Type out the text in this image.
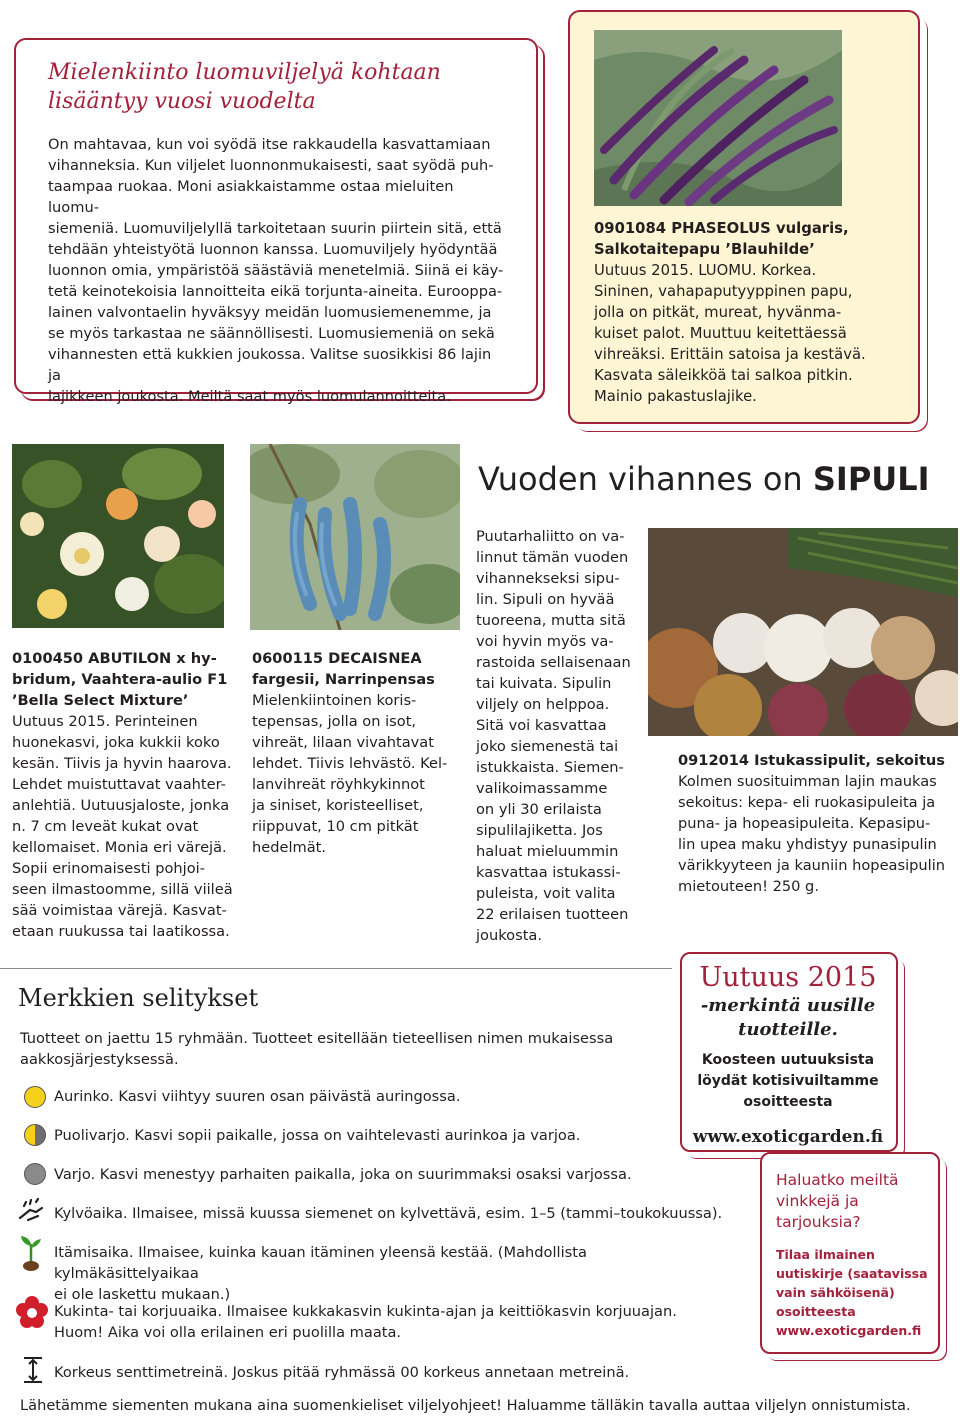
Mielenkiinto luomuviljelyä kohtaan
lisääntyy vuosi vuodelta
On mahtavaa, kun voi syödä itse rakkaudella kasvattamiaan
vihanneksia. Kun viljelet luonnonmukaisesti, saat syödä puh-
taampaa ruokaa. Moni asiakkaistamme ostaa mieluiten luomu-
siemeniä. Luomuviljelyllä tarkoitetaan suurin piirtein sitä, että
tehdään yhteistyötä luonnon kanssa. Luomuviljely hyödyntää
luonnon omia, ympäristöä säästäviä menetelmiä. Siinä ei käy-
tetä keinotekoisia lannoitteita eikä torjunta-aineita. Eurooppa-
lainen valvontaelin hyväksyy meidän luomusiemenemme, ja
se myös tarkastaa ne säännöllisesti. Luomusiemeniä on sekä
vihannesten että kukkien joukossa. Valitse suosikkisi 86 lajin ja
lajikkeen joukosta. Meiltä saat myös luomulannoitteita.
0901084 PHASEOLUS vulgaris,
Salkotaitepapu ’Blauhilde’
Uutuus 2015. LUOMU. Korkea.
Sininen, vahapaputyyppinen papu,
jolla on pitkät, mureat, hyvänma-
kuiset palot. Muuttuu keitettäessä
vihreäksi. Erittäin satoisa ja kestävä.
Kasvata säleikköä tai salkoa pitkin.
Mainio pakastuslajike.
Vuoden vihannes on SIPULI
0100450 ABUTILON x hy-
bridum, Vaahtera-aulio F1
’Bella Select Mixture’
Uutuus 2015. Perinteinen
huonekasvi, joka kukkii koko
kesän. Tiivis ja hyvin haarova.
Lehdet muistuttavat vaahter-
anlehtiä. Uutuusjaloste, jonka
n. 7 cm leveät kukat ovat
kellomaiset. Monia eri värejä.
Sopii erinomaisesti pohjoi-
seen ilmastoomme, sillä viileä
sää voimistaa värejä. Kasvat-
etaan ruukussa tai laatikossa.
0600115 DECAISNEA
fargesii, Narrinpensas
Mielenkiintoinen koris-
tepensas, jolla on isot,
vihreät, lilaan vivahtavat
lehdet. Tiivis lehvästö. Kel-
lanvihreät röyhkykinnot
ja siniset, koristeelliset,
riippuvat, 10 cm pitkät
hedelmät.
Puutarhaliitto on va-
linnut tämän vuoden
vihannekseksi sipu-
lin. Sipuli on hyvää
tuoreena, mutta sitä
voi hyvin myös va-
rastoida sellaisenaan
tai kuivata. Sipulin
viljely on helppoa.
Sitä voi kasvattaa
joko siemenestä tai
istukkaista. Siemen-
valikoimassamme
on yli 30 erilaista
sipulilajiketta. Jos
haluat mieluummin
kasvattaa istukassi-
puleista, voit valita
22 erilaisen tuotteen
joukosta.
0912014 Istukassipulit, sekoitus
Kolmen suosituimman lajin maukas
sekoitus: kepa- eli ruokasipuleita ja
puna- ja hopeasipuleita. Kepasipu-
lin upea maku yhdistyy punasipulin
värikkyyteen ja kauniin hopeasipulin
mietouteen! 250 g.
Merkkien selitykset
Tuotteet on jaettu 15 ryhmään. Tuotteet esitellään tieteellisen nimen mukaisessa
aakkosjärjestyksessä.
Aurinko. Kasvi viihtyy suuren osan päivästä auringossa.
Puolivarjo. Kasvi sopii paikalle, jossa on vaihtelevasti aurinkoa ja varjoa.
Varjo. Kasvi menestyy parhaiten paikalla, joka on suurimmaksi osaksi varjossa.
Kylvöaika. Ilmaisee, missä kuussa siemenet on kylvettävä, esim. 1–5 (tammi–toukokuussa).
Itämisaika. Ilmaisee, kuinka kauan itäminen yleensä kestää. (Mahdollista kylmäkäsittelyaikaa
ei ole laskettu mukaan.)
Kukinta- tai korjuuaika. Ilmaisee kukkakasvin kukinta-ajan ja keittiökasvin korjuuajan.
Huom! Aika voi olla erilainen eri puolilla maata.
Korkeus senttimetreinä. Joskus pitää ryhmässä 00 korkeus annetaan metreinä.
Lähetämme siementen mukana aina suomenkieliset viljelyohjeet! Haluamme tälläkin tavalla auttaa viljelyn onnistumista.
Uutuus 2015
-merkintä uusille
tuotteille.
Koosteen uutuuksista
löydät kotisivuiltamme
osoitteesta
www.exoticgarden.fi
Haluatko meiltä
vinkkejä ja
tarjouksia?
Tilaa ilmainen
uutiskirje (saatavissa
vain sähköisenä)
osoitteesta
www.exoticgarden.fi
